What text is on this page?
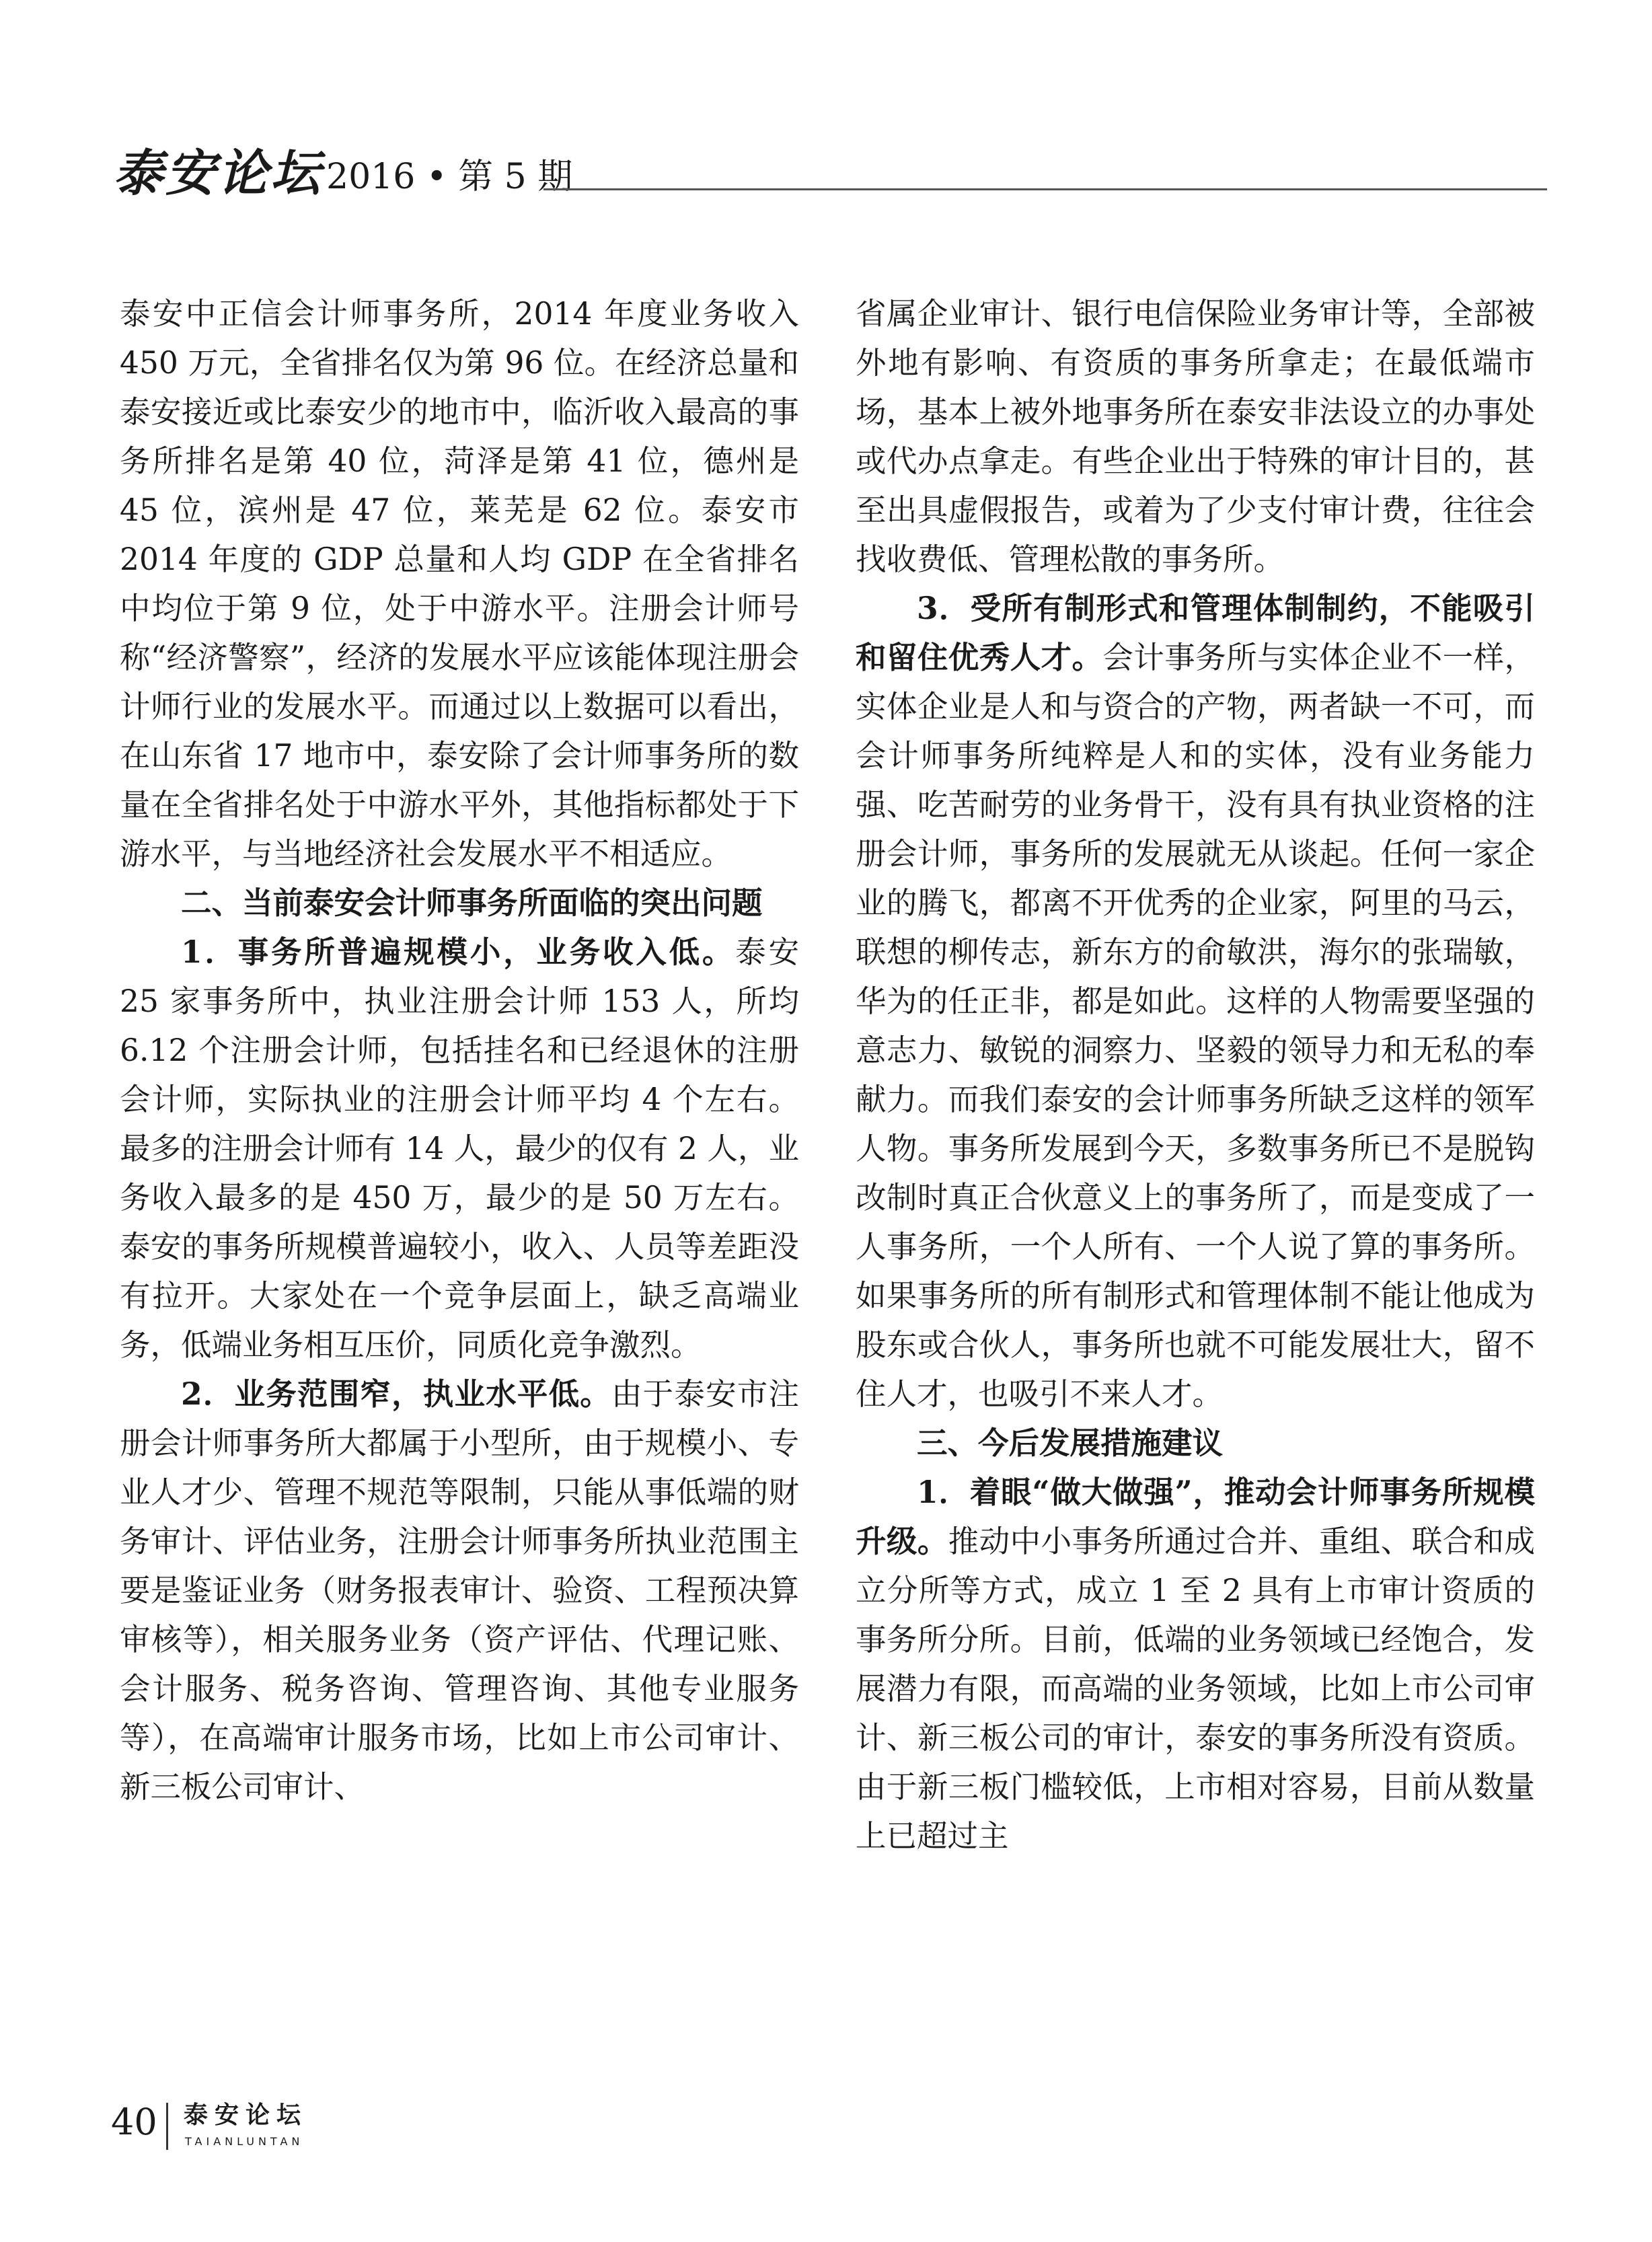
泰安论坛 2016 • 第 5 期

泰安中正信会计师事务所，2014 年度业务收入 450 万元，全省排名仅为第 96 位。在经济总量和泰安接近或比泰安少的地市中，临沂收入最高的事务所排名是第 40 位，菏泽是第 41 位，德州是 45 位，滨州是 47 位，莱芜是 62 位。泰安市 2014 年度的 GDP 总量和人均 GDP 在全省排名中均位于第 9 位，处于中游水平。注册会计师号称“经济警察”，经济的发展水平应该能体现注册会计师行业的发展水平。而通过以上数据可以看出，在山东省 17 地市中，泰安除了会计师事务所的数量在全省排名处于中游水平外，其他指标都处于下游水平，与当地经济社会发展水平不相适应。

二、当前泰安会计师事务所面临的突出问题

1．事务所普遍规模小，业务收入低。泰安 25 家事务所中，执业注册会计师 153 人，所均 6.12 个注册会计师，包括挂名和已经退休的注册会计师，实际执业的注册会计师平均 4 个左右。最多的注册会计师有 14 人，最少的仅有 2 人，业务收入最多的是 450 万，最少的是 50 万左右。泰安的事务所规模普遍较小，收入、人员等差距没有拉开。大家处在一个竞争层面上，缺乏高端业务，低端业务相互压价，同质化竞争激烈。

2．业务范围窄，执业水平低。由于泰安市注册会计师事务所大都属于小型所，由于规模小、专业人才少、管理不规范等限制，只能从事低端的财务审计、评估业务，注册会计师事务所执业范围主要是鉴证业务（财务报表审计、验资、工程预决算审核等），相关服务业务（资产评估、代理记账、会计服务、税务咨询、管理咨询、其他专业服务等），在高端审计服务市场，比如上市公司审计、新三板公司审计、

省属企业审计、银行电信保险业务审计等，全部被外地有影响、有资质的事务所拿走；在最低端市场，基本上被外地事务所在泰安非法设立的办事处或代办点拿走。有些企业出于特殊的审计目的，甚至出具虚假报告，或着为了少支付审计费，往往会找收费低、管理松散的事务所。

3．受所有制形式和管理体制制约，不能吸引和留住优秀人才。会计事务所与实体企业不一样，实体企业是人和与资合的产物，两者缺一不可，而会计师事务所纯粹是人和的实体，没有业务能力强、吃苦耐劳的业务骨干，没有具有执业资格的注册会计师，事务所的发展就无从谈起。任何一家企业的腾飞，都离不开优秀的企业家，阿里的马云，联想的柳传志，新东方的俞敏洪，海尔的张瑞敏，华为的任正非，都是如此。这样的人物需要坚强的意志力、敏锐的洞察力、坚毅的领导力和无私的奉献力。而我们泰安的会计师事务所缺乏这样的领军人物。事务所发展到今天，多数事务所已不是脱钩改制时真正合伙意义上的事务所了，而是变成了一人事务所，一个人所有、一个人说了算的事务所。如果事务所的所有制形式和管理体制不能让他成为股东或合伙人，事务所也就不可能发展壮大，留不住人才，也吸引不来人才。

三、今后发展措施建议

1．着眼“做大做强”，推动会计师事务所规模升级。推动中小事务所通过合并、重组、联合和成立分所等方式，成立 1 至 2 具有上市审计资质的事务所分所。目前，低端的业务领域已经饱合，发展潜力有限，而高端的业务领域，比如上市公司审计、新三板公司的审计，泰安的事务所没有资质。由于新三板门槛较低，上市相对容易，目前从数量上已超过主

40 泰安论坛
TAIANLUNTAN
